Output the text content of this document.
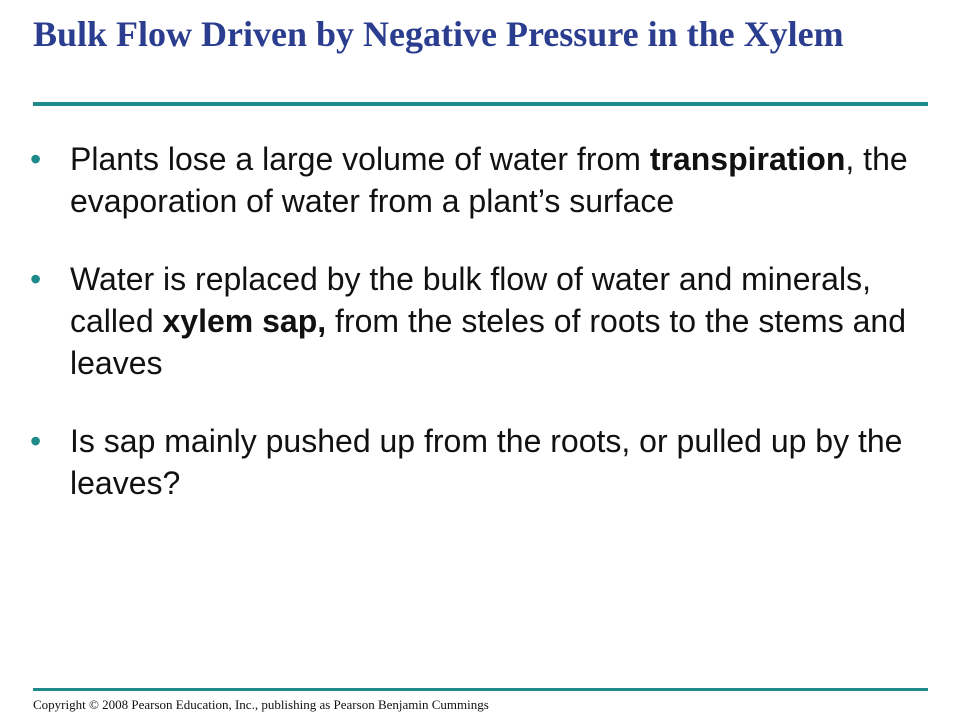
Bulk Flow Driven by Negative Pressure in the Xylem
• Plants lose a large volume of water from transpiration, the evaporation of water from a plant’s surface
• Water is replaced by the bulk flow of water and minerals, called xylem sap, from the steles of roots to the stems and leaves
• Is sap mainly pushed up from the roots, or pulled up by the leaves?
Copyright © 2008 Pearson Education, Inc., publishing as Pearson Benjamin Cummings
